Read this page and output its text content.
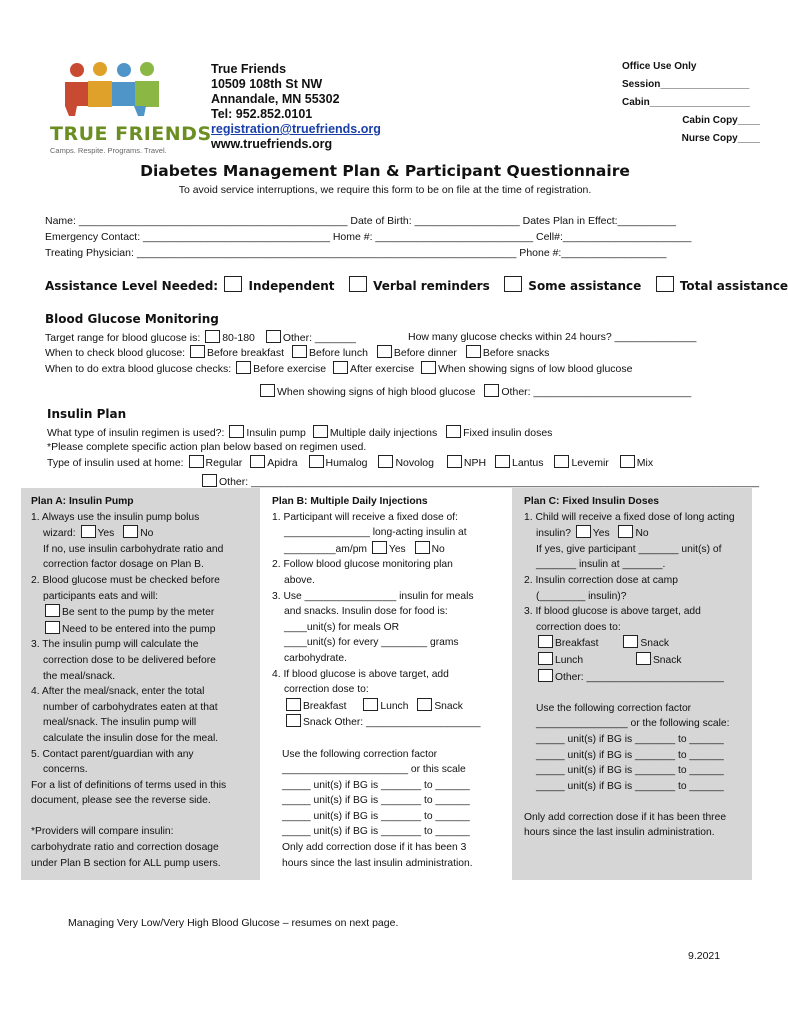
TRUE FRIENDS
Camps. Respite. Programs. Travel.
True Friends
10509 108th St NW
Annandale, MN 55302
Tel: 952.852.0101
registration@truefriends.org
www.truefriends.org
Office Use Only
Session________________
Cabin__________________
Cabin Copy____
Nurse Copy____
Diabetes Management Plan & Participant Questionnaire
To avoid service interruptions, we require this form to be on file at the time of registration.
Name: ______________________________________________ Date of Birth: __________________ Dates Plan in Effect:__________
Emergency Contact: ________________________________ Home #: ___________________________ Cell#:______________________
Treating Physician: _________________________________________________________________ Phone #:__________________
Assistance Level Needed:	Independent	Verbal reminders	Some assistance	Total assistance
Blood Glucose Monitoring
Target range for blood glucose is: 80-180	Other: _______	How many glucose checks within 24 hours? ______________
When to check blood glucose: Before breakfast Before lunch Before dinner Before snacks
When to do extra blood glucose checks: Before exercise After exercise When showing signs of low blood glucose
When showing signs of high blood glucose Other: ___________________________
Insulin Plan
What type of insulin regimen is used?: Insulin pump Multiple daily injections Fixed insulin doses
*Please complete specific action plan below based on regimen used.
Type of insulin used at home: Regular Apidra	Humalog	Novolog	NPH Lantus	Levemir	Mix
Other: _______________________________________________________________________________________

Plan A: Insulin Pump

1. Always use the insulin pump bolus

wizard: Yes	No

If no, use insulin carbohydrate ratio and

correction factor dosage on Plan B.

2. Blood glucose must be checked before

participants eats and will:

Be sent to the pump by the meter

Need to be entered into the pump

3. The insulin pump will calculate the

correction dose to be delivered before

the meal/snack.

4. After the meal/snack, enter the total

number of carbohydrates eaten at that

meal/snack. The insulin pump will

calculate the insulin dose for the meal.

5. Contact parent/guardian with any

concerns.

For a list of definitions of terms used in this

document, please see the reverse side.

*Providers will compare insulin:

carbohydrate ratio and correction dosage

under Plan B section for ALL pump users.

Plan B: Multiple Daily Injections

1. Participant will receive a fixed dose of:

_______________ long-acting insulin at

_________am/pm Yes	No

2. Follow blood glucose monitoring plan

above.

3. Use ________________ insulin for meals

and snacks. Insulin dose for food is:

____unit(s) for meals OR

____unit(s) for every ________ grams

carbohydrate.

4. If blood glucose is above target, add

correction dose to:

Breakfast	Lunch	Snack

Snack Other: ____________________

Use the following correction factor

______________________ or this scale

_____ unit(s) if BG is _______ to ______

_____ unit(s) if BG is _______ to ______

_____ unit(s) if BG is _______ to ______

_____ unit(s) if BG is _______ to ______

Only add correction dose if it has been 3

hours since the last insulin administration.

Plan C: Fixed Insulin Doses

1. Child will receive a fixed dose of long acting

insulin? Yes	No

If yes, give participant _______ unit(s) of

_______ insulin at _______.

2. Insulin correction dose at camp

(________ insulin)?

3. If blood glucose is above target, add

correction does to:

Breakfast	Snack

Lunch	Snack

Other: ________________________

Use the following correction factor

________________ or the following scale:

_____ unit(s) if BG is _______ to ______

_____ unit(s) if BG is _______ to ______

_____ unit(s) if BG is _______ to ______

_____ unit(s) if BG is _______ to ______

Only add correction dose if it has been three

hours since the last insulin administration.

Managing Very Low/Very High Blood Glucose – resumes on next page.
9.2021
